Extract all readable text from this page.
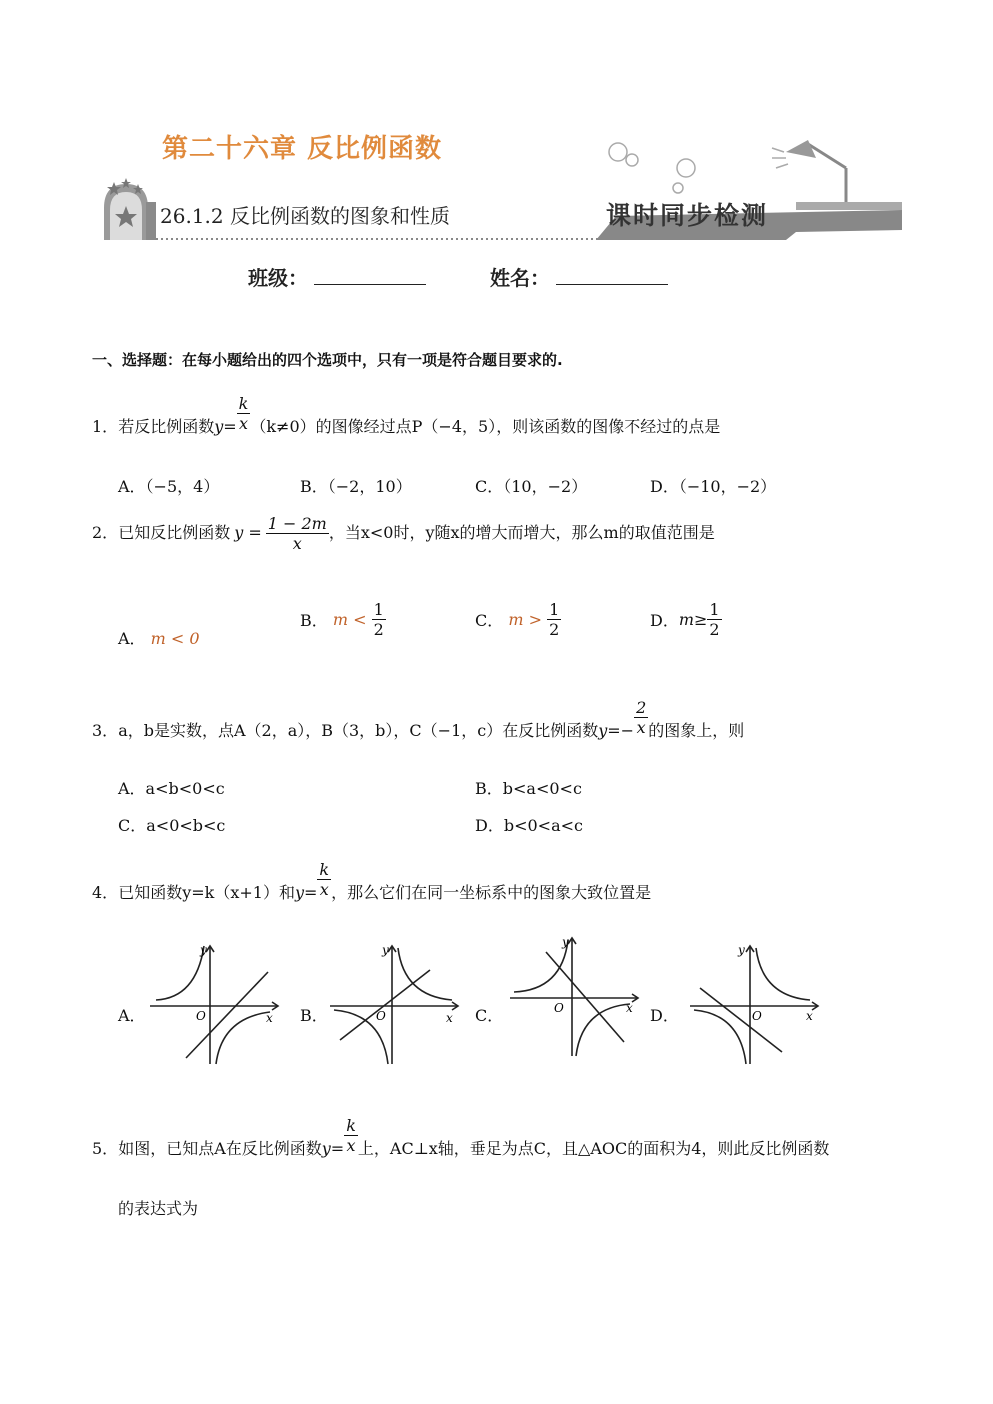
第二十六章 反比例函数
26.1.2 反比例函数的图象和性质	课时同步检测
班级：	姓名：
一、选择题：在每小题给出的四个选项中，只有一项是符合题目要求的.
1．若反比例函数$y= \frac{k}{x} (k\ne 0)$的图像经过点P（−4，5），则该函数的图像不经过的点是
A．（−5，4）	B．（−2，10）	C．（10，−2）	D．（−10，−2）
2．已知反比例函数 $y = \frac{1 - 2m}{x}$ ，当x<0时，y随x的增大而增大，那么m的取值范围是
A． m < 0
B． $m < \frac{1}{2}$	C． $m > \frac{1}{2}$	D．$m\ge \frac{1}{2}$
3．a，b是实数，点A（2，a），B（3，b），C（−1，c）在反比例函数$y=- \frac{2}{x}$ 的图象上，则
A．a<b<0<c	B．b<a<0<c
C．a<0<b<c	D．b<0<a<c
4．已知函数y=k（x+1）和$y= \frac{k}{x}$ ，那么它们在同一坐标系中的图象大致位置是
A．	B．	C．	D．
O	x
y
O	x
y
O	x
y
O	x
y
5．如图，已知点A在反比例函数$y= \frac{k}{x}$ 上，AC⊥x轴，垂足为点C，且△AOC的面积为4，则此反比例函数
的表达式为
